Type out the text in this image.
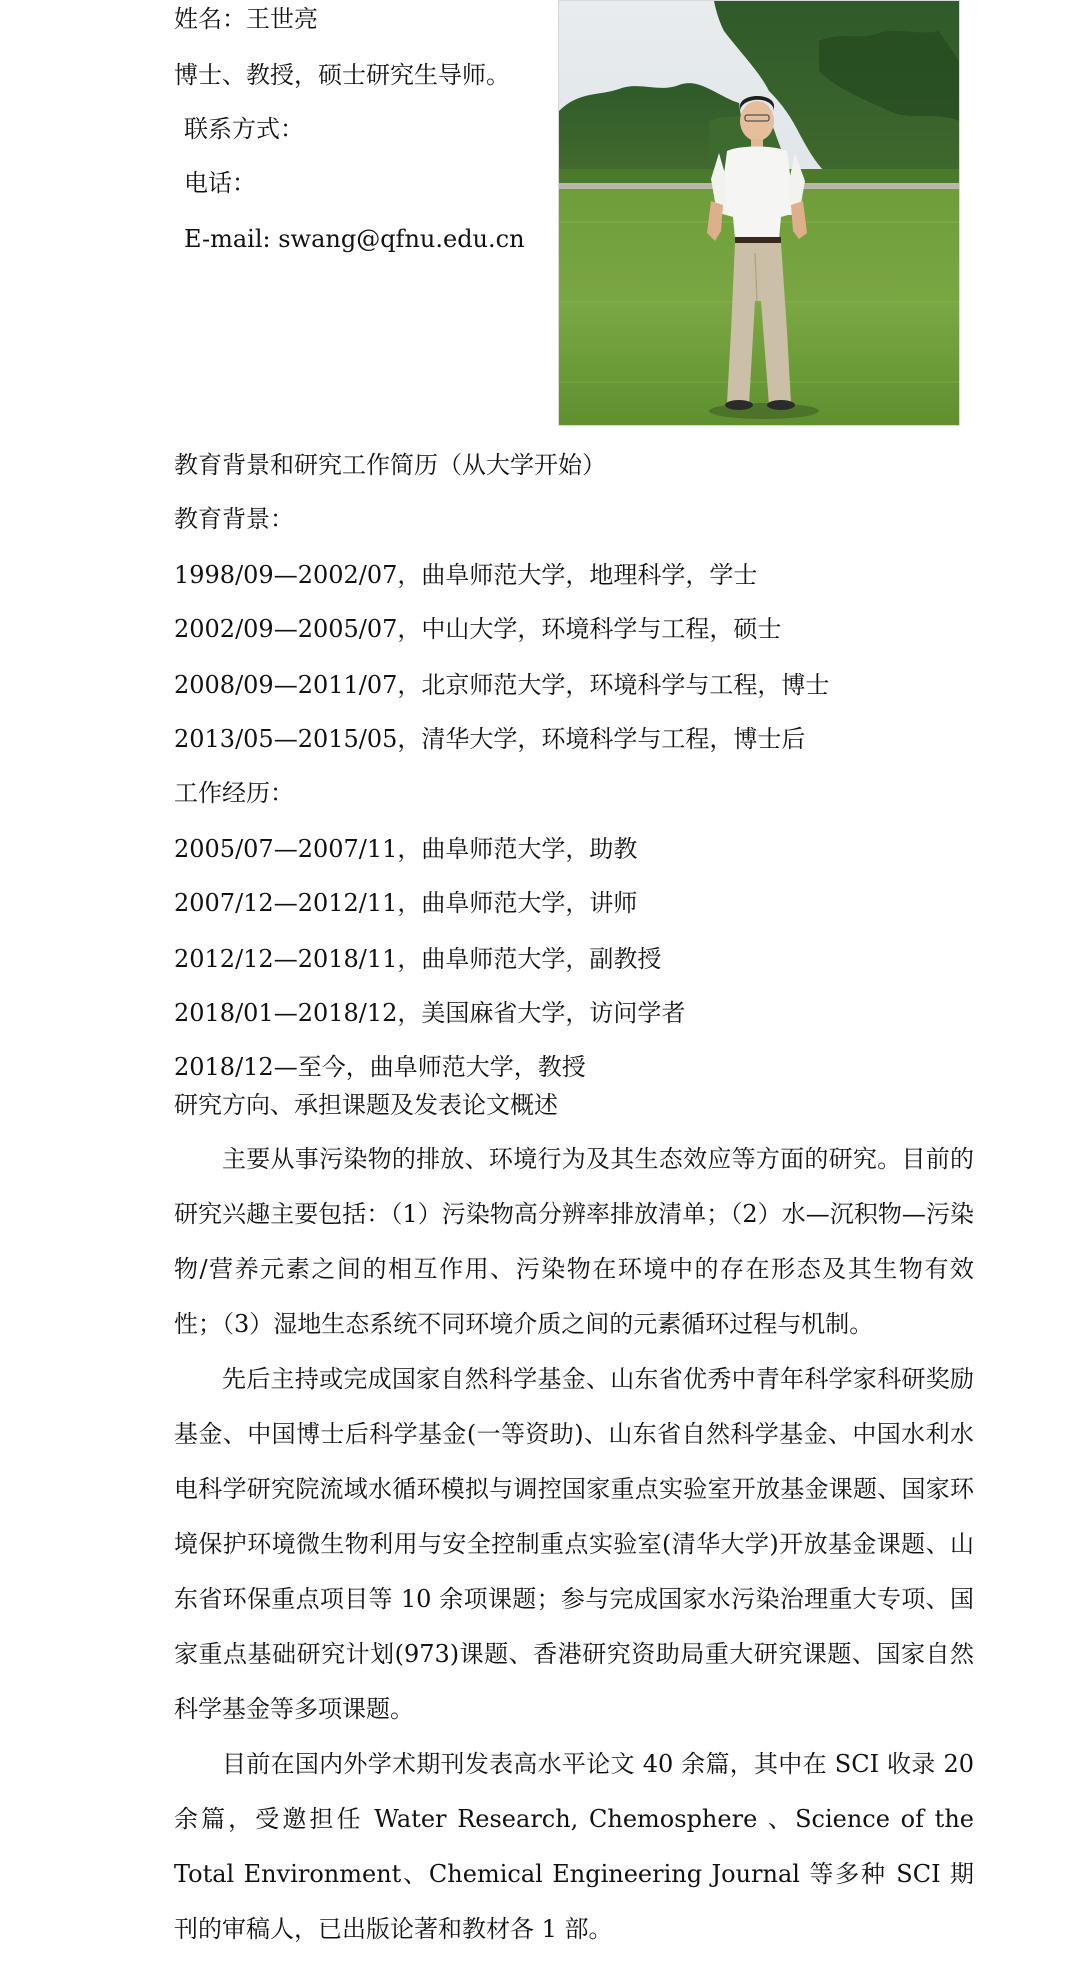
姓名：王世亮
博士、教授，硕士研究生导师。
联系方式：
电话：
E-mail: swang@qfnu.edu.cn
教育背景和研究工作简历（从大学开始）
教育背景：
1998/09—2002/07，曲阜师范大学，地理科学，学士
2002/09—2005/07，中山大学，环境科学与工程，硕士
2008/09—2011/07，北京师范大学，环境科学与工程，博士
2013/05—2015/05，清华大学，环境科学与工程，博士后
工作经历：
2005/07—2007/11，曲阜师范大学，助教
2007/12—2012/11，曲阜师范大学，讲师
2012/12—2018/11，曲阜师范大学，副教授
2018/01—2018/12，美国麻省大学，访问学者
2018/12—至今，曲阜师范大学，教授
研究方向、承担课题及发表论文概述

主要从事污染物的排放、环境行为及其生态效应等方面的研究。目前的研究兴趣主要包括：（1）污染物高分辨率排放清单；（2）水—沉积物—污染物/营养元素之间的相互作用、污染物在环境中的存在形态及其生物有效性；（3）湿地生态系统不同环境介质之间的元素循环过程与机制。

先后主持或完成国家自然科学基金、山东省优秀中青年科学家科研奖励基金、中国博士后科学基金(一等资助)、山东省自然科学基金、中国水利水电科学研究院流域水循环模拟与调控国家重点实验室开放基金课题、国家环境保护环境微生物利用与安全控制重点实验室(清华大学)开放基金课题、山东省环保重点项目等 10 余项课题；参与完成国家水污染治理重大专项、国家重点基础研究计划(973)课题、香港研究资助局重大研究课题、国家自然科学基金等多项课题。

目前在国内外学术期刊发表高水平论文 40 余篇，其中在 SCI 收录 20 余篇，受邀担任 Water Research, Chemosphere 、Science of the Total Environment、Chemical Engineering Journal 等多种 SCI 期刊的审稿人，已出版论著和教材各 1 部。
